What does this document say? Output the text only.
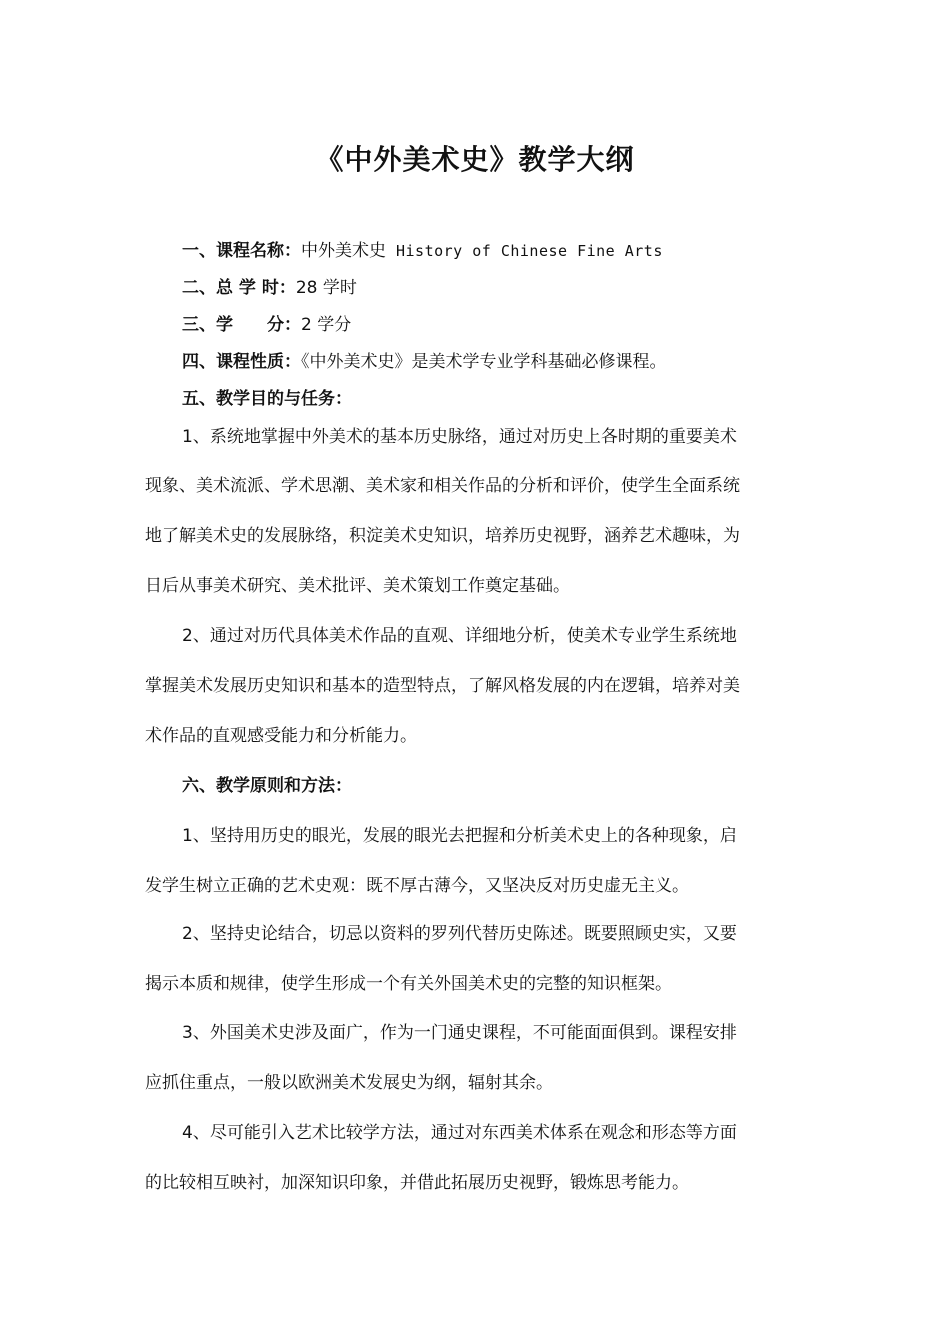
《中外美术史》教学大纲
一、课程名称：中外美术史 History of Chinese Fine Arts
二、总 学 时：28 学时
三、学　　分：2 学分
四、课程性质：《中外美术史》是美术学专业学科基础必修课程。
五、教学目的与任务：
1、系统地掌握中外美术的基本历史脉络，通过对历史上各时期的重要美术
现象、美术流派、学术思潮、美术家和相关作品的分析和评价，使学生全面系统
地了解美术史的发展脉络，积淀美术史知识，培养历史视野，涵养艺术趣味，为
日后从事美术研究、美术批评、美术策划工作奠定基础。
2、通过对历代具体美术作品的直观、详细地分析，使美术专业学生系统地
掌握美术发展历史知识和基本的造型特点，了解风格发展的内在逻辑，培养对美
术作品的直观感受能力和分析能力。
六、教学原则和方法：
1、坚持用历史的眼光，发展的眼光去把握和分析美术史上的各种现象，启
发学生树立正确的艺术史观：既不厚古薄今，又坚决反对历史虚无主义。
2、坚持史论结合，切忌以资料的罗列代替历史陈述。既要照顾史实，又要
揭示本质和规律，使学生形成一个有关外国美术史的完整的知识框架。
3、外国美术史涉及面广，作为一门通史课程，不可能面面俱到。课程安排
应抓住重点，一般以欧洲美术发展史为纲，辐射其余。
4、尽可能引入艺术比较学方法，通过对东西美术体系在观念和形态等方面
的比较相互映衬，加深知识印象，并借此拓展历史视野，锻炼思考能力。
